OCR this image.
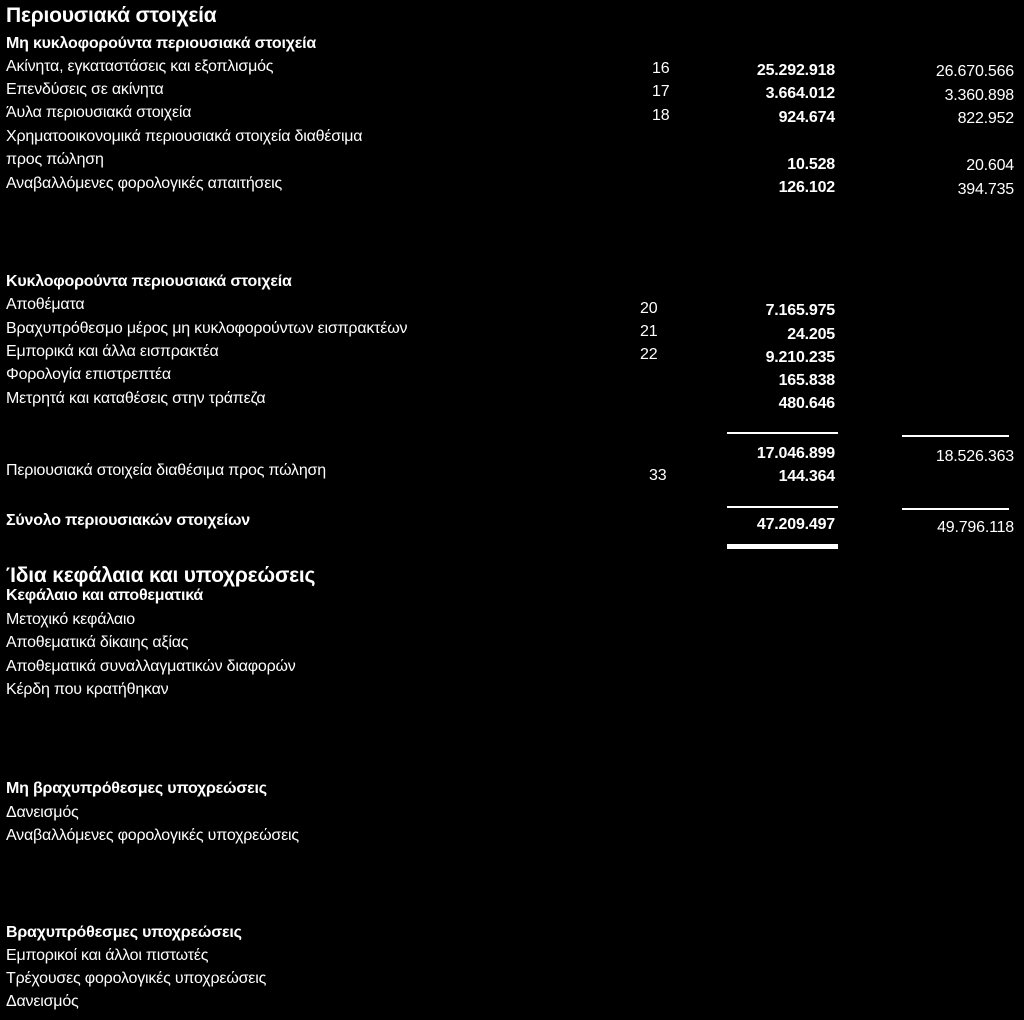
Περιουσιακά στοιχεία
Μη κυκλοφορούντα περιουσιακά στοιχεία
Ακίνητα, εγκαταστάσεις και εξοπλισμός	16	25.292.918	26.670.566
Επενδύσεις σε ακίνητα	17	3.664.012	3.360.898
Άυλα περιουσιακά στοιχεία	18	924.674	822.952
Χρηματοοικονομικά περιουσιακά στοιχεία διαθέσιμα
προς πώληση	10.528	20.604
Αναβαλλόμενες φορολογικές απαιτήσεις	126.102	394.735
Κυκλοφορούντα περιουσιακά στοιχεία
Αποθέματα	20	7.165.975
Βραχυπρόθεσμο μέρος μη κυκλοφορούντων εισπρακτέων	21	24.205
Εμπορικά και άλλα εισπρακτέα	22	9.210.235
Φορολογία επιστρεπτέα	165.838
Μετρητά και καταθέσεις στην τράπεζα	480.646
17.046.899	18.526.363
Περιουσιακά στοιχεία διαθέσιμα προς πώληση	33	144.364
Σύνολο περιουσιακών στοιχείων	47.209.497	49.796.118
Ίδια κεφάλαια και υποχρεώσεις
Κεφάλαιο και αποθεματικά
Μετοχικό κεφάλαιο
Αποθεματικά δίκαιης αξίας
Αποθεματικά συναλλαγματικών διαφορών
Κέρδη που κρατήθηκαν
Μη βραχυπρόθεσμες υποχρεώσεις
Δανεισμός
Αναβαλλόμενες φορολογικές υποχρεώσεις
Βραχυπρόθεσμες υποχρεώσεις
Εμπορικοί και άλλοι πιστωτές
Τρέχουσες φορολογικές υποχρεώσεις
Δανεισμός
